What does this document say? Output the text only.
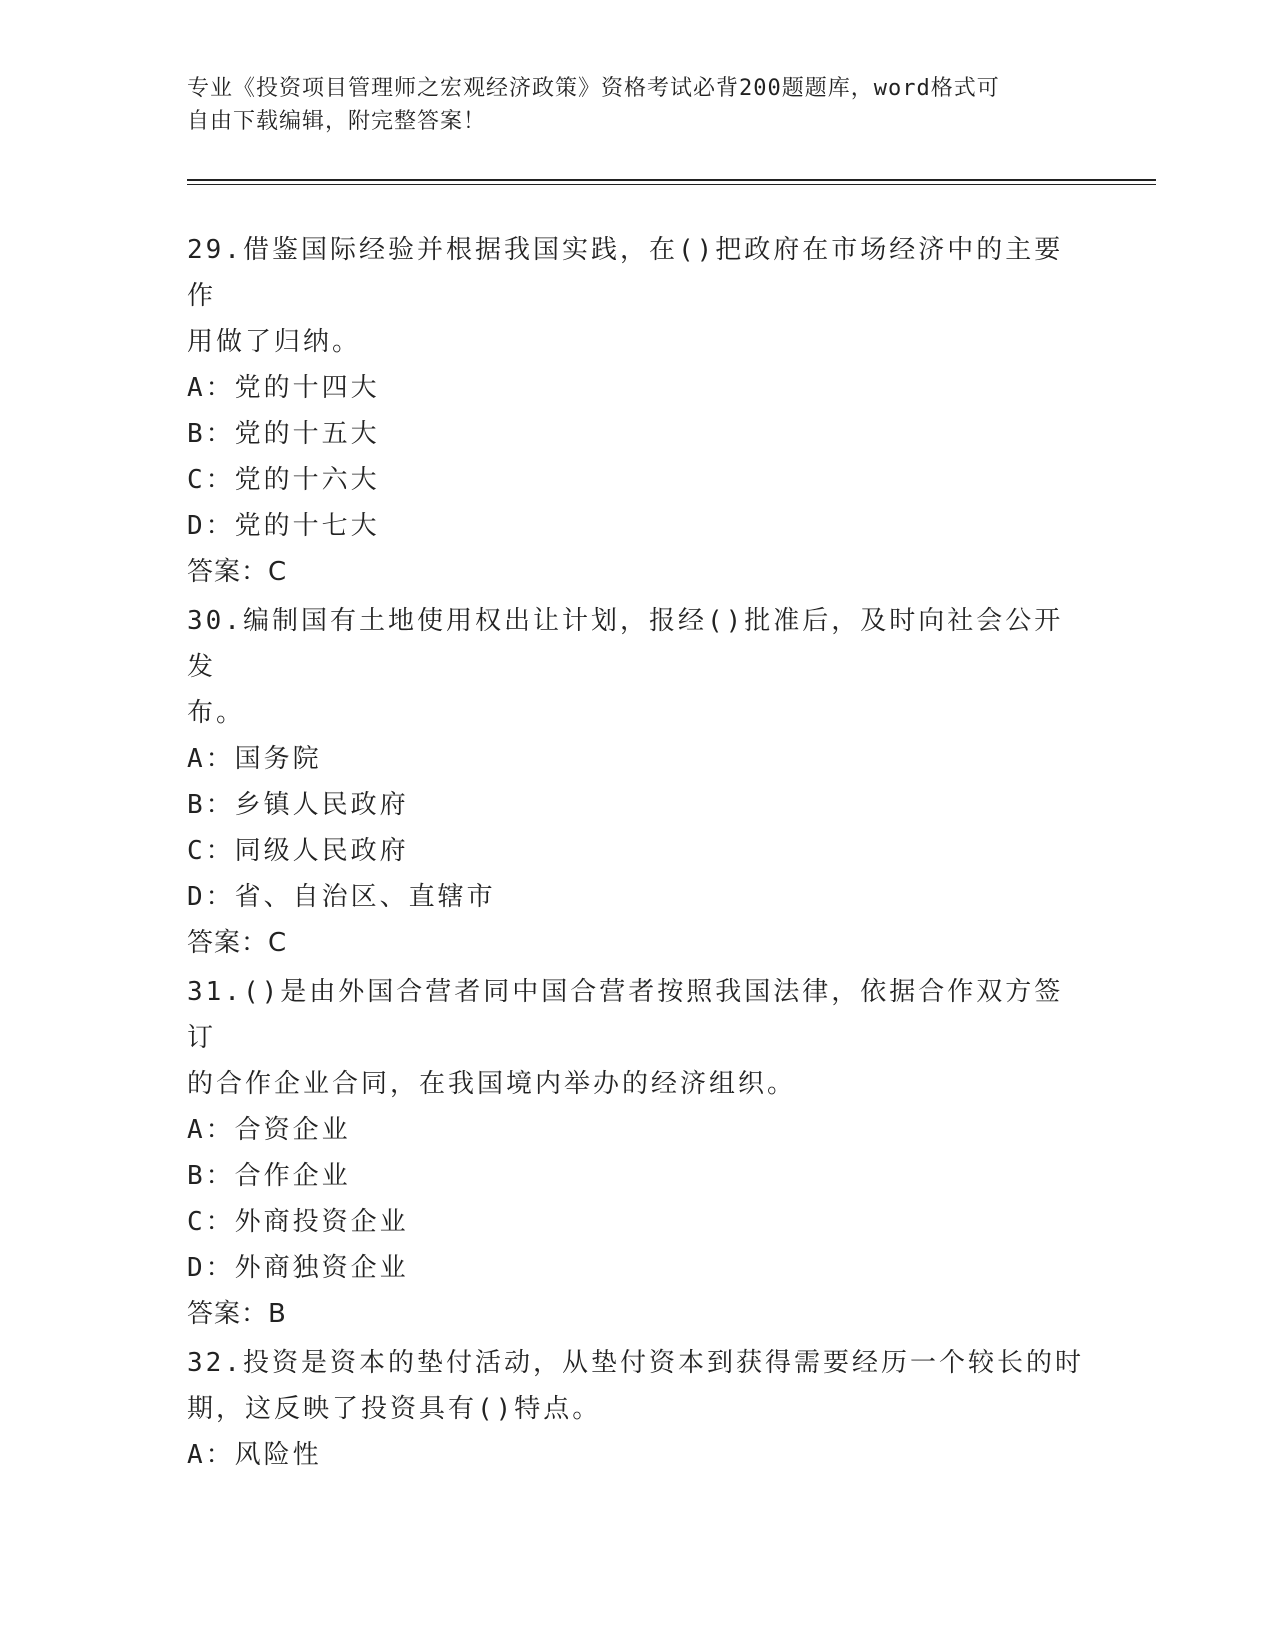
专业《投资项目管理师之宏观经济政策》资格考试必背200题题库，word格式可
自由下载编辑，附完整答案！
29.借鉴国际经验并根据我国实践，在()把政府在市场经济中的主要作
用做了归纳。
A：党的十四大
B：党的十五大
C：党的十六大
D：党的十七大
答案：C
30.编制国有土地使用权出让计划，报经()批准后，及时向社会公开发
布。
A：国务院
B：乡镇人民政府
C：同级人民政府
D：省、自治区、直辖市
答案：C
31.()是由外国合营者同中国合营者按照我国法律，依据合作双方签订
的合作企业合同，在我国境内举办的经济组织。
A：合资企业
B：合作企业
C：外商投资企业
D：外商独资企业
答案：B
32.投资是资本的垫付活动，从垫付资本到获得需要经历一个较长的时
期，这反映了投资具有()特点。
A：风险性
